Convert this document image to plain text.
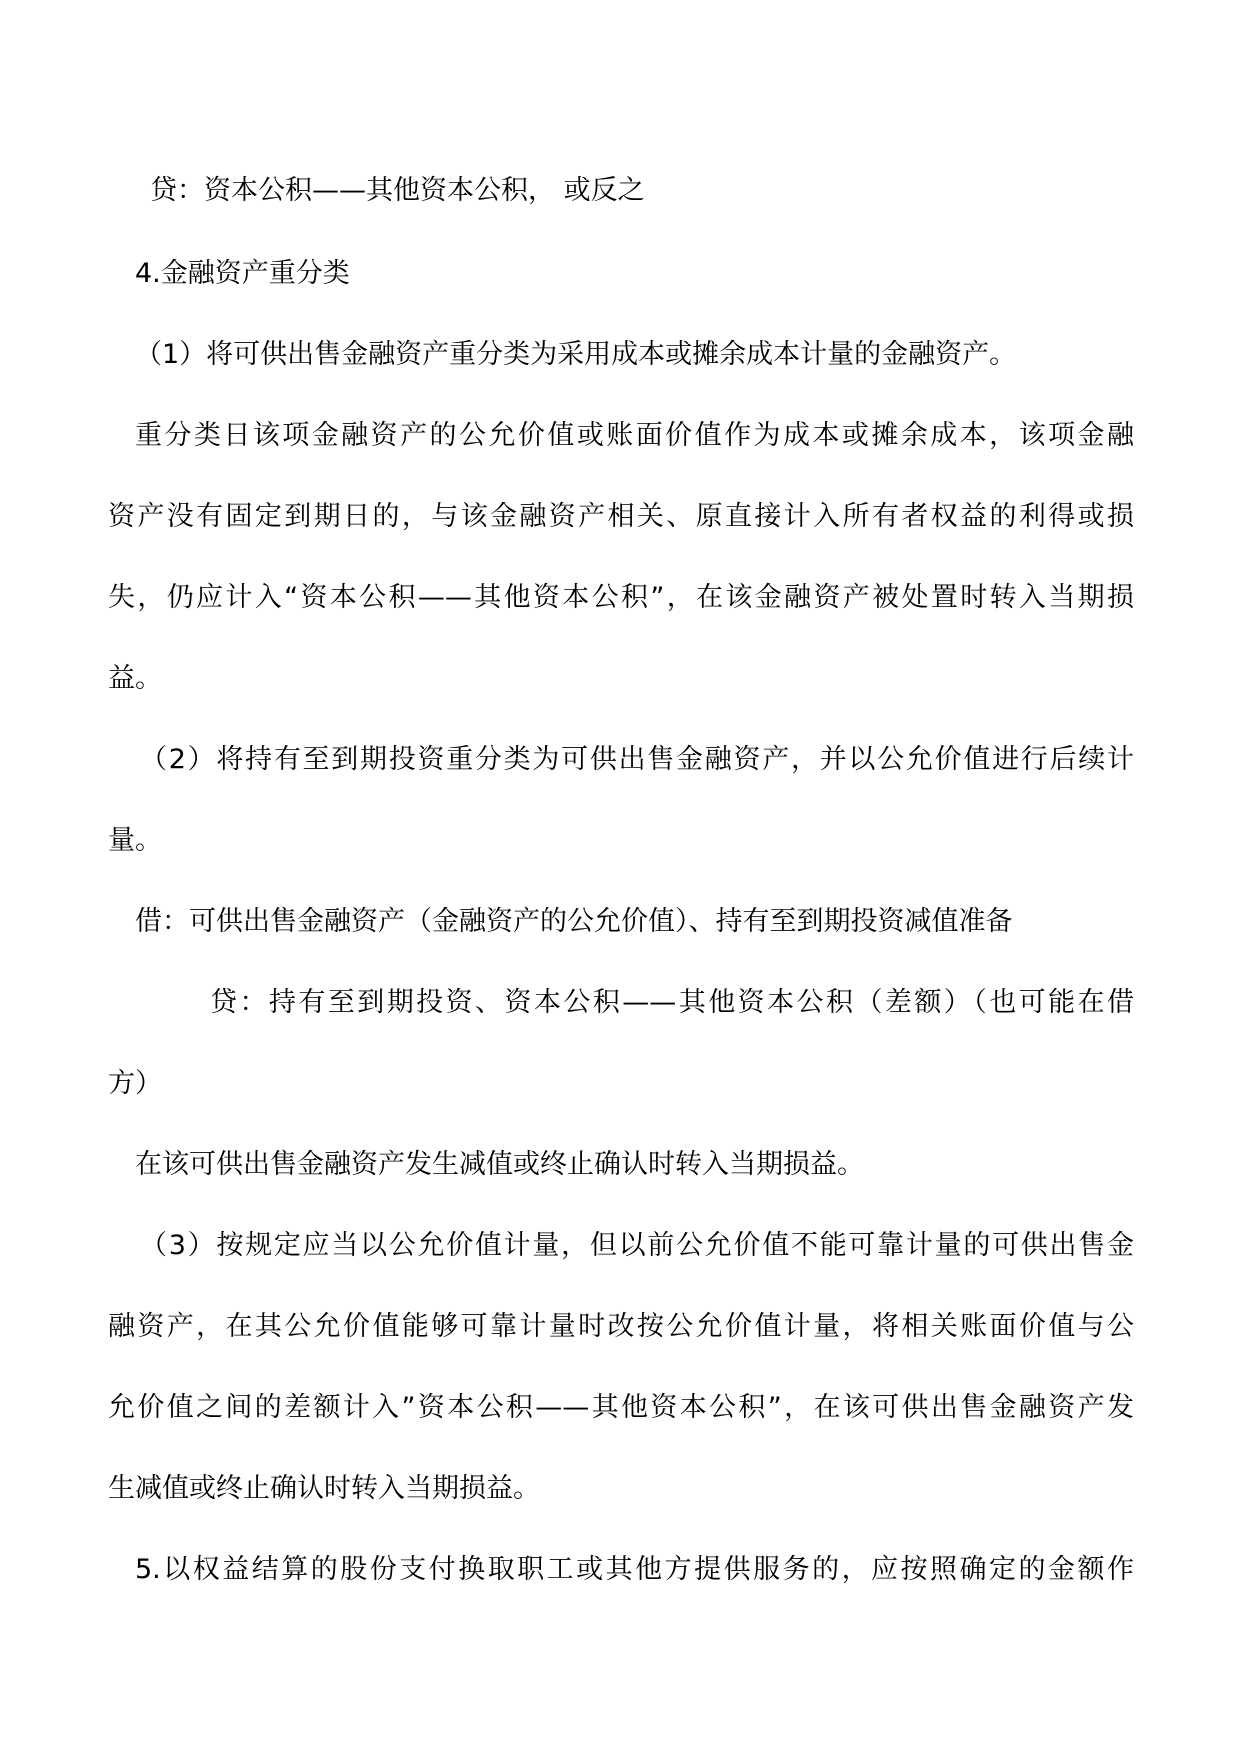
贷：资本公积——其他资本公积， 或反之
4.金融资产重分类
（1）将可供出售金融资产重分类为采用成本或摊余成本计量的金融资产。
重分类日该项金融资产的公允价值或账面价值作为成本或摊余成本，该项金融
资产没有固定到期日的，与该金融资产相关、原直接计入所有者权益的利得或损
失，仍应计入“资本公积——其他资本公积”，在该金融资产被处置时转入当期损
益。
（2）将持有至到期投资重分类为可供出售金融资产，并以公允价值进行后续计
量。
借：可供出售金融资产（金融资产的公允价值）、持有至到期投资减值准备
贷：持有至到期投资、资本公积——其他资本公积（差额）（也可能在借
方）
在该可供出售金融资产发生减值或终止确认时转入当期损益。
（3）按规定应当以公允价值计量，但以前公允价值不能可靠计量的可供出售金
融资产，在其公允价值能够可靠计量时改按公允价值计量，将相关账面价值与公
允价值之间的差额计入”资本公积——其他资本公积”，在该可供出售金融资产发
生减值或终止确认时转入当期损益。
5.以权益结算的股份支付换取职工或其他方提供服务的，应按照确定的金额作
